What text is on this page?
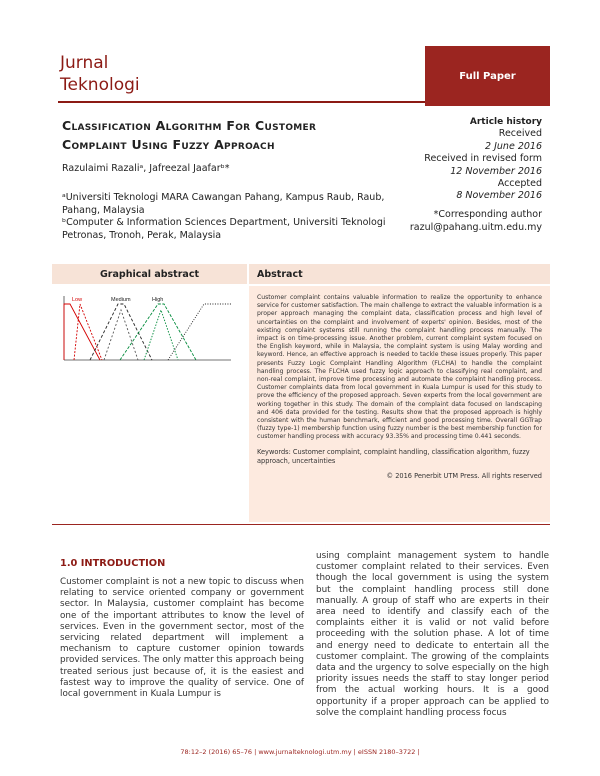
Jurnal
Teknologi	Full Paper
Classification Algorithm For Customer
Complaint Using Fuzzy Approach
Razulaimi Razaliᵃ, Jafreezal Jaafarᵇ*

ᵃUniversiti Teknologi MARA Cawangan Pahang, Kampus Raub, Raub, Pahang, Malaysia

ᵇComputer & Information Sciences Department, Universiti Teknologi Petronas, Tronoh, Perak, Malaysia

Article history
Received
2 June 2016
Received in revised form
12 November 2016
Accepted
8 November 2016
*Corresponding author
razul@pahang.uitm.edu.my
Graphical abstract
Low	Medium	High
Abstract
Customer complaint contains valuable information to realize the opportunity to enhance service for customer satisfaction. The main challenge to extract the valuable information is a proper approach managing the complaint data, classification process and high level of uncertainties on the complaint and involvement of experts' opinion. Besides, most of the existing complaint systems still running the complaint handling process manually. The impact is on time-processing issue. Another problem, current complaint system focused on the English keyword, while in Malaysia, the complaint system is using Malay wording and keyword. Hence, an effective approach is needed to tackle these issues properly. This paper presents Fuzzy Logic Complaint Handling Algorithm (FLCHA) to handle the complaint handling process. The FLCHA used fuzzy logic approach to classifying real complaint, and non-real complaint, improve time processing and automate the complaint handling process. Customer complaints data from local government in Kuala Lumpur is used for this study to prove the efficiency of the proposed approach. Seven experts from the local government are working together in this study. The domain of the complaint data focused on landscaping and 406 data provided for the testing. Results show that the proposed approach is highly consistent with the human benchmark, efficient and good processing time. Overall GGTrap (fuzzy type-1) membership function using fuzzy number is the best membership function for customer handling process with accuracy 93.35% and processing time 0.441 seconds.
Keywords: Customer complaint, complaint handling, classification algorithm, fuzzy approach, uncertainties
© 2016 Penerbit UTM Press. All rights reserved
1.0 INTRODUCTION
Customer complaint is not a new topic to discuss when relating to service oriented company or government sector. In Malaysia, customer complaint has become one of the important attributes to know the level of services. Even in the government sector, most of the servicing related department will implement a mechanism to capture customer opinion towards provided services. The only matter this approach being treated serious just because of, it is the easiest and fastest way to improve the quality of service. One of local government in Kuala Lumpur is
using complaint management system to handle customer complaint related to their services. Even though the local government is using the system but the complaint handling process still done manually. A group of staff who are experts in their area need to identify and classify each of the complaints either it is valid or not valid before proceeding with the solution phase. A lot of time and energy need to dedicate to entertain all the customer complaint. The growing of the complaints data and the urgency to solve especially on the high priority issues needs the staff to stay longer period from the actual working hours. It is a good opportunity if a proper approach can be applied to solve the complaint handling process focus
78:12–2 (2016) 65–76 | www.jurnalteknologi.utm.my | eISSN 2180–3722 |
